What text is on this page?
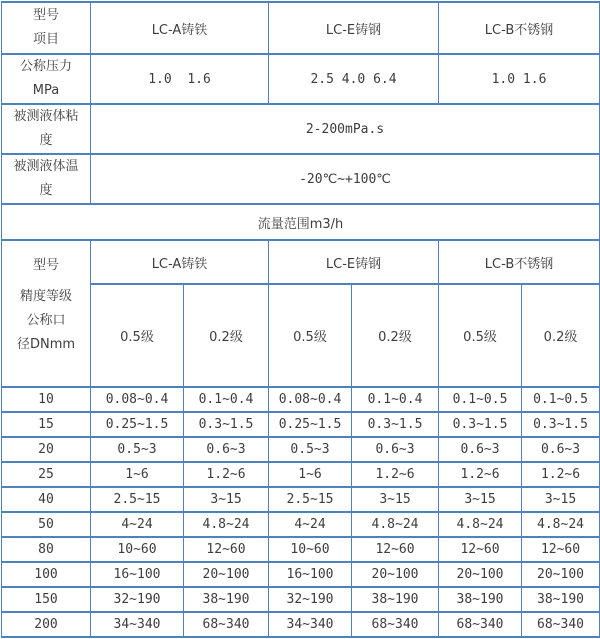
型号
项目	LC-A铸铁		LC-E铸钢		LC-B不锈钢	

公称压力
MPa	1.0  1.6		2.5 4.0 6.4		1.0 1.6	

被测液体粘
度	2-200mPa.s					

被测液体温
度	-20℃~+100℃					
流量范围m3/h						

型号
精度等级
公称口
径DNmm	LC-A铸铁		LC-E铸钢		LC-B不锈钢	
	0.5级	0.2级	0.5级	0.2级	0.5级	0.2级
10	0.08~0.4	0.1~0.4	0.08~0.4	0.1~0.4	0.1~0.5	0.1~0.5
15	0.25~1.5	0.3~1.5	0.25~1.5	0.3~1.5	0.3~1.5	0.3~1.5
20	0.5~3	0.6~3	0.5~3	0.6~3	0.6~3	0.6~3
25	1~6	1.2~6	1~6	1.2~6	1.2~6	1.2~6
40	2.5~15	3~15	2.5~15	3~15	3~15	3~15
50	4~24	4.8~24	4~24	4.8~24	4.8~24	4.8~24
80	10~60	12~60	10~60	12~60	12~60	12~60
100	16~100	20~100	16~100	20~100	20~100	20~100
150	32~190	38~190	32~190	38~190	38~190	38~190
200	34~340	68~340	34~340	68~340	68~340	68~340
